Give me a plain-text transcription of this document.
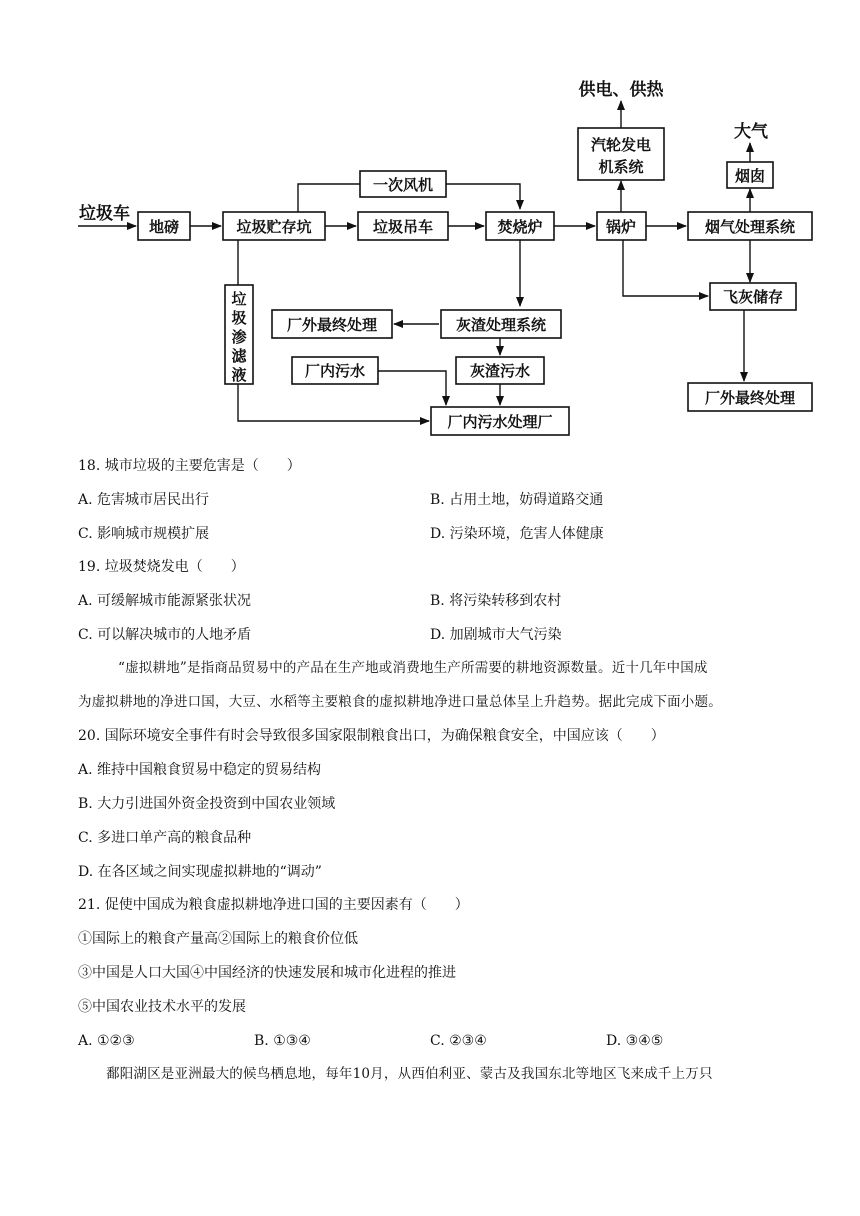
垃圾车
地磅	垃圾贮存坑
一次风机
垃圾吊车	焚烧炉	锅炉
汽轮发电
机系统
供电、供热
大气
烟囱
烟气处理系统
飞灰储存
厂外最终处理
垃
圾
渗
滤
液
灰渣处理系统
厂外最终处理
厂内污水	灰渣污水
厂内污水处理厂
18. 城市垃圾的主要危害是（　　）
A. 危害城市居民出行	B. 占用土地，妨碍道路交通
C. 影响城市规模扩展	D. 污染环境，危害人体健康
19. 垃圾焚烧发电（　　）
A. 可缓解城市能源紧张状况	B. 将污染转移到农村
C. 可以解决城市的人地矛盾	D. 加剧城市大气污染
“虚拟耕地”是指商品贸易中的产品在生产地或消费地生产所需要的耕地资源数量。近十几年中国成
为虚拟耕地的净进口国，大豆、水稻等主要粮食的虚拟耕地净进口量总体呈上升趋势。据此完成下面小题。
20. 国际环境安全事件有时会导致很多国家限制粮食出口，为确保粮食安全，中国应该（　　）
A. 维持中国粮食贸易中稳定的贸易结构
B. 大力引进国外资金投资到中国农业领域
C. 多进口单产高的粮食品种
D. 在各区域之间实现虚拟耕地的“调动”
21. 促使中国成为粮食虚拟耕地净进口国的主要因素有（　　）
①国际上的粮食产量高②国际上的粮食价位低
③中国是人口大国④中国经济的快速发展和城市化进程的推进
⑤中国农业技术水平的发展
A. ①②③	B. ①③④	C. ②③④	D. ③④⑤
鄱阳湖区是亚洲最大的候鸟栖息地，每年10月，从西伯利亚、蒙古及我国东北等地区飞来成千上万只
